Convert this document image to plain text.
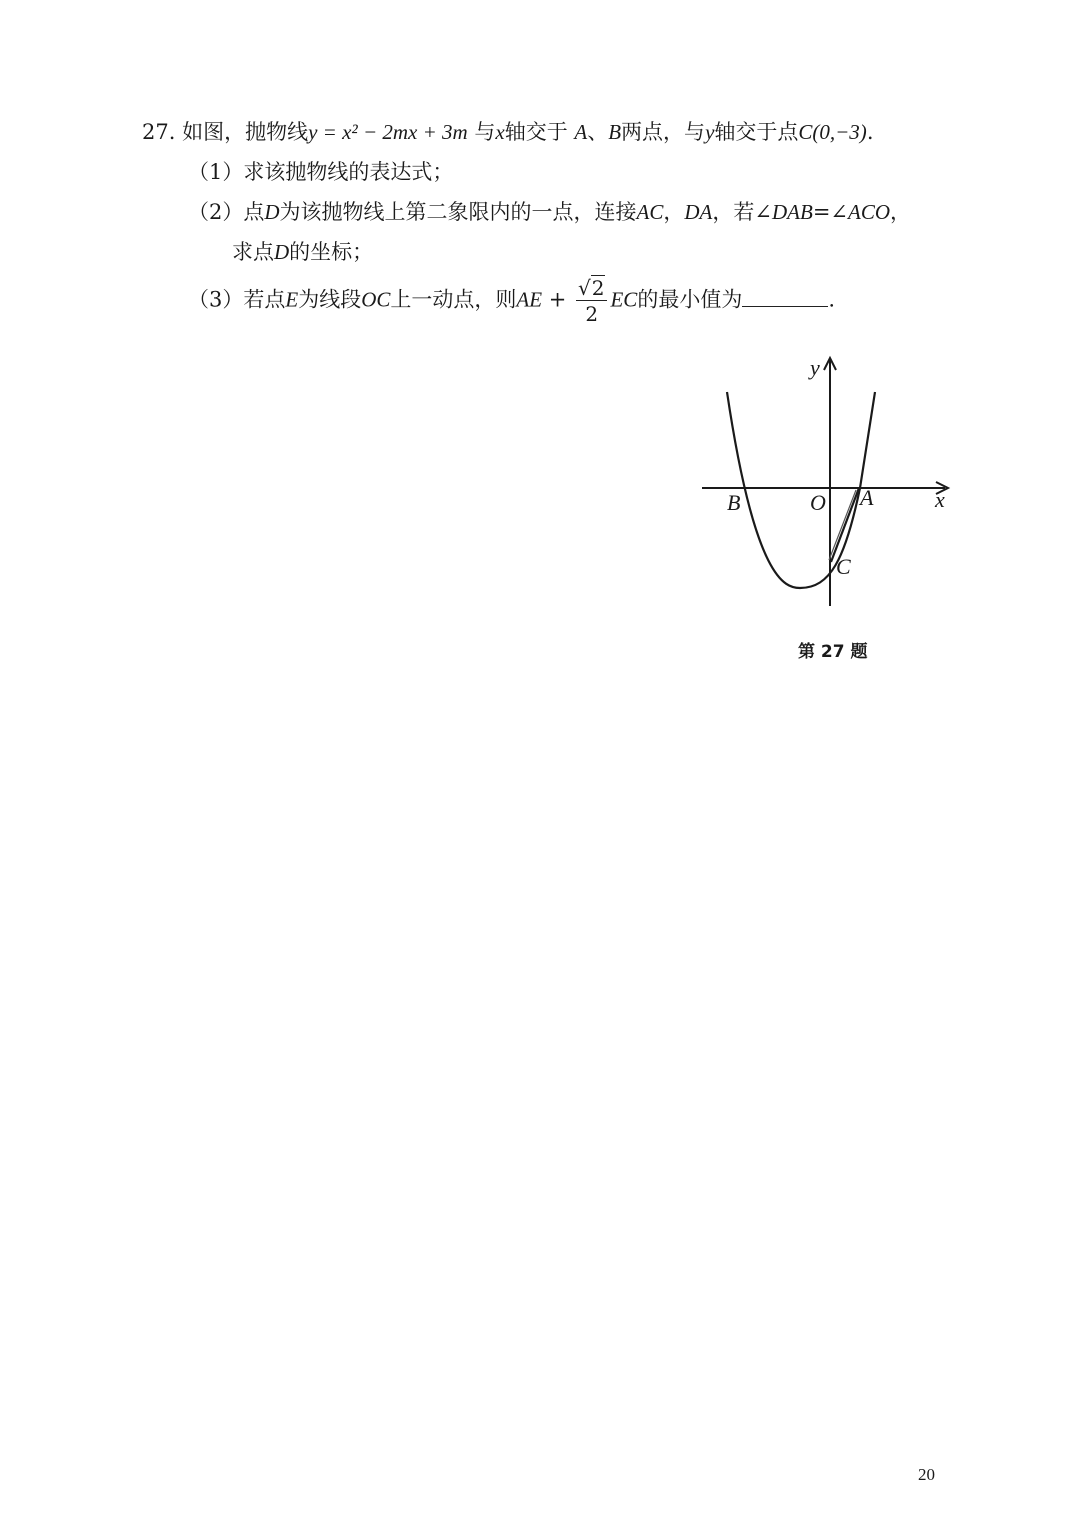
27. 如图，抛物线y = x² − 2mx + 3m 与x轴交于 A、B两点，与y轴交于点C(0,−3).
（1）求该抛物线的表达式；
（2）点D为该抛物线上第二象限内的一点，连接AC，DA，若∠DAB=∠ACO，
求点D的坐标；
（3）若点E为线段OC上一动点，则AE + $\frac{√2}{2}$ EC的最小值为	.
y
x
B	O A
C
第 27 题
20
